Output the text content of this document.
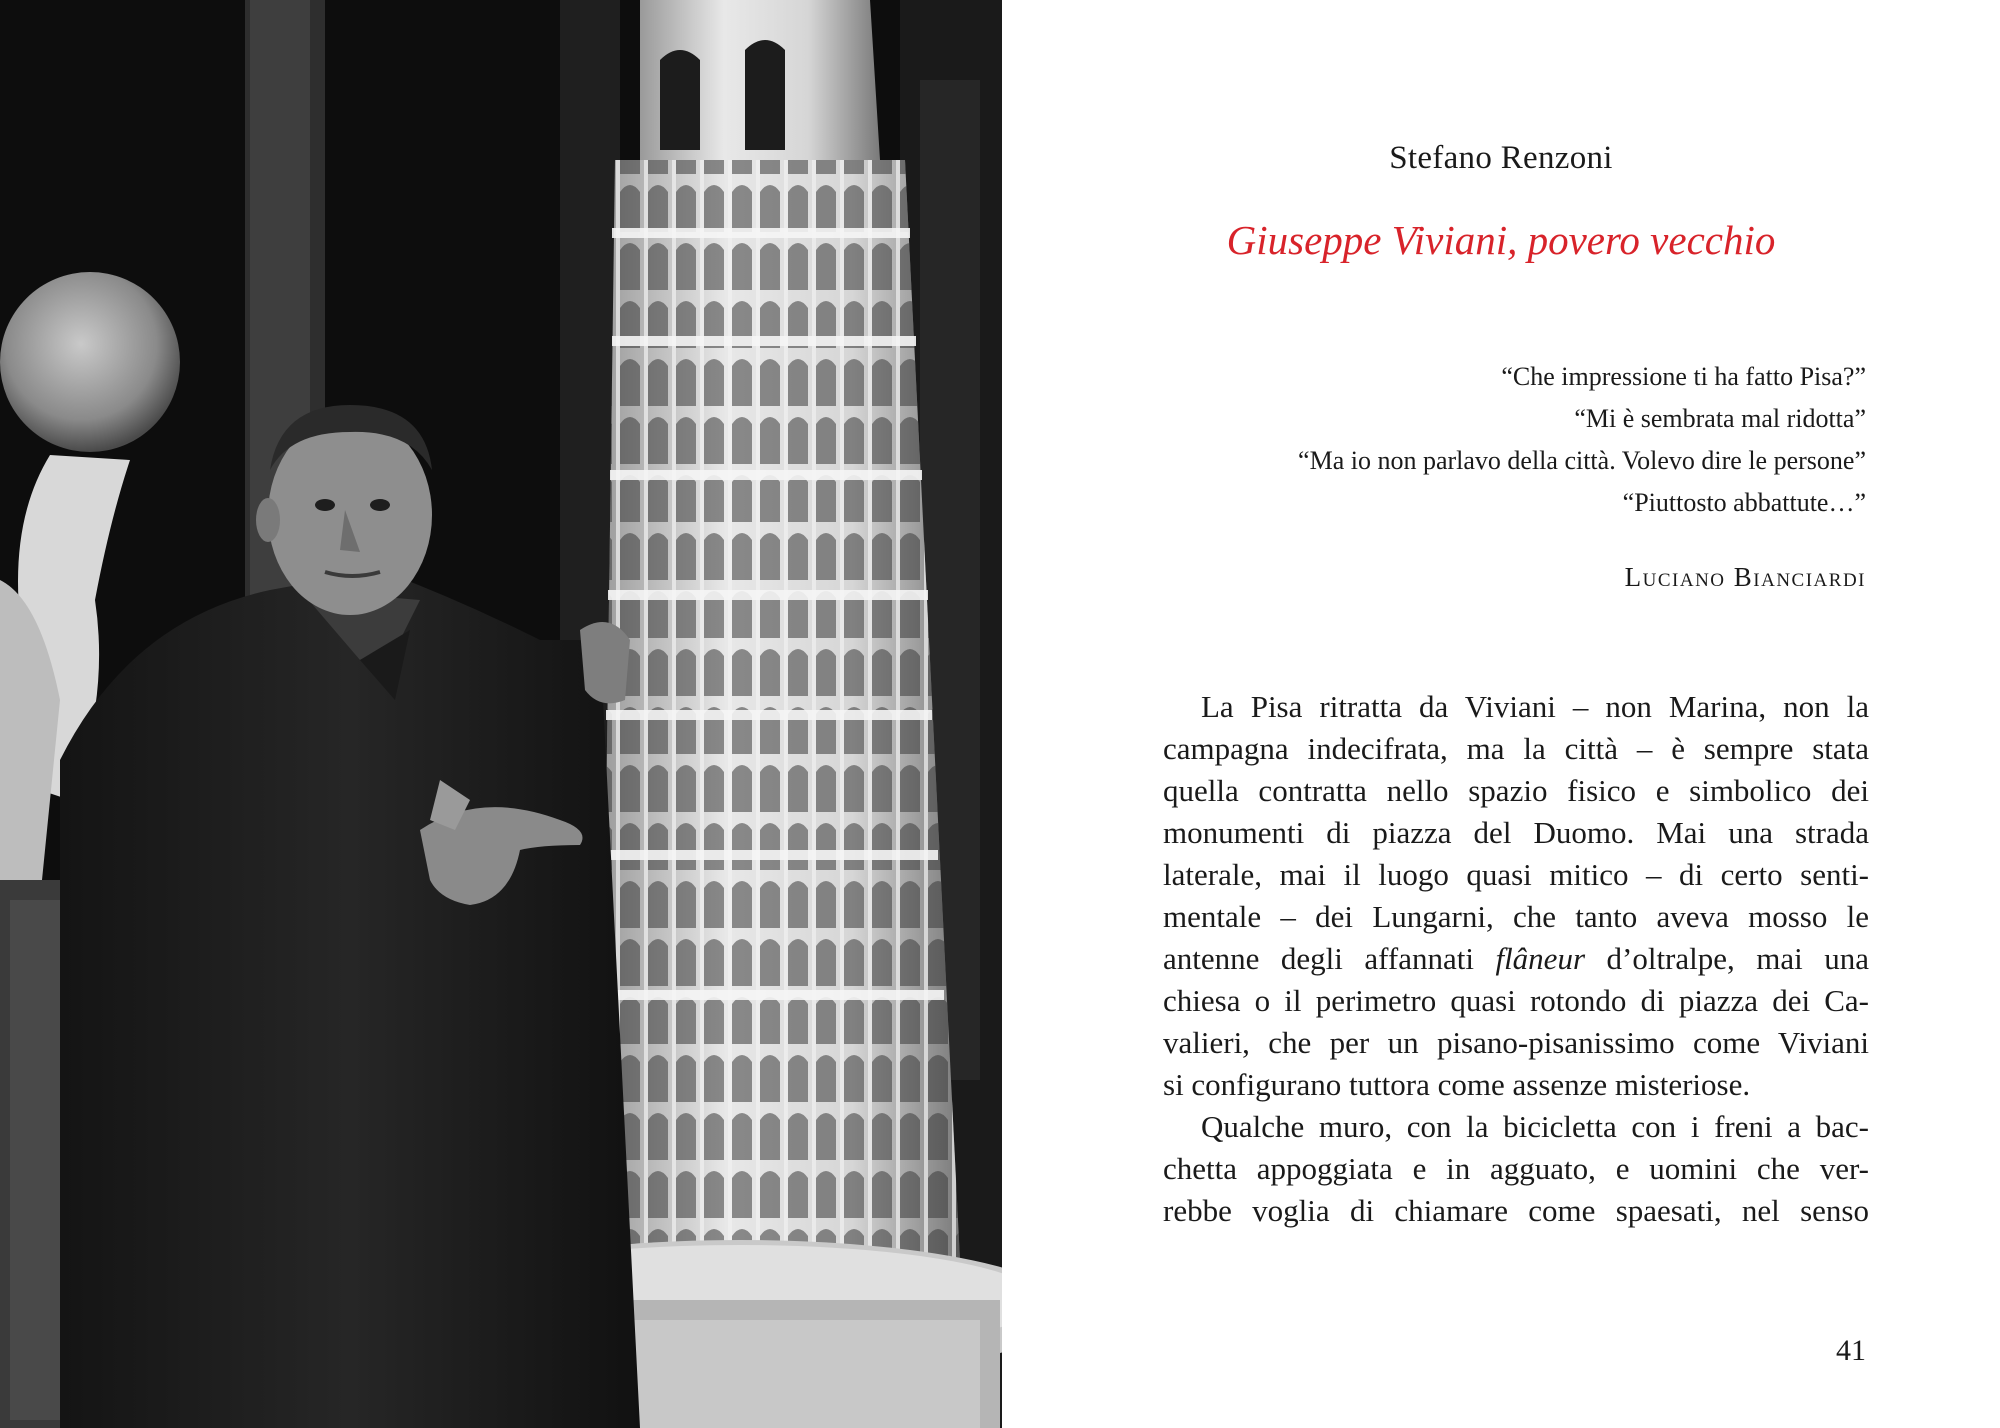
Stefano Renzoni
Giuseppe Viviani, povero vecchio
“Che impressione ti ha fatto Pisa?”
“Mi è sembrata mal ridotta”
“Ma io non parlavo della città. Volevo dire le persone”
“Piuttosto abbattute…”
Luciano Bianciardi
La Pisa ritratta da Viviani – non Marina, non la
campagna indecifrata, ma la città – è sempre stata
quella contratta nello spazio fisico e simbolico dei
monumenti di piazza del Duomo. Mai una strada
laterale, mai il luogo quasi mitico – di certo senti-
mentale – dei Lungarni, che tanto aveva mosso le
antenne degli affannati flâneur d’oltralpe, mai una
chiesa o il perimetro quasi rotondo di piazza dei Ca-
valieri, che per un pisano-pisanissimo come Viviani
si configurano tuttora come assenze misteriose.
Qualche muro, con la bicicletta con i freni a bac-
chetta appoggiata e in agguato, e uomini che ver-
rebbe voglia di chiamare come spaesati, nel senso
41
